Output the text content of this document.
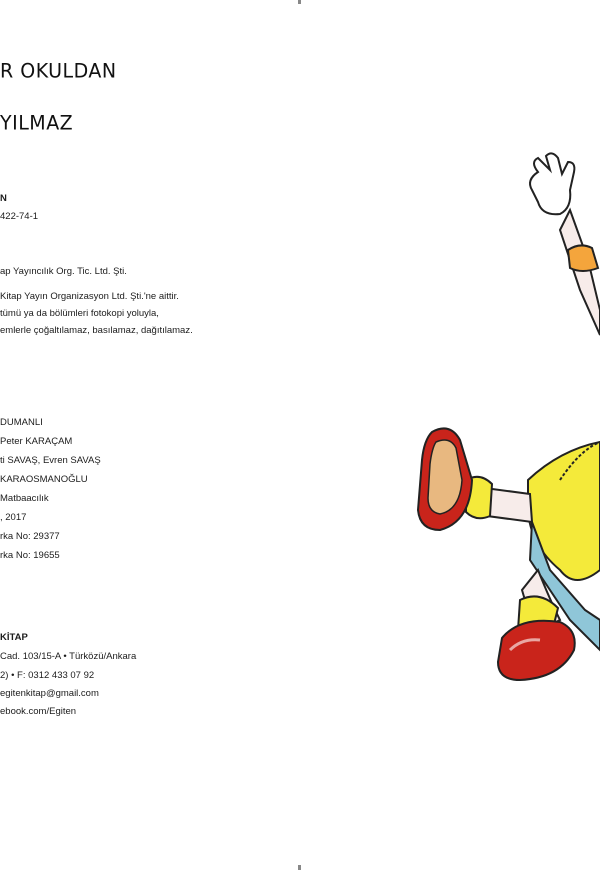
R OKULDAN
YILMAZ
N
422-74-1
ap Yayıncılık Org. Tic. Ltd. Şti.
Kitap Yayın Organizasyon Ltd. Şti.'ne aittir.
tümü ya da bölümleri fotokopi yoluyla,
emlerle çoğaltılamaz, basılamaz, dağıtılamaz.
DUMANLI
Peter KARAÇAM
ti SAVAŞ, Evren SAVAŞ
KARAOSMANOĞLU
Matbaacılık
, 2017
rka No: 29377
rka No: 19655
KİTAP
Cad. 103/15-A • Türközü/Ankara
2) • F: 0312 433 07 92
egitenkitap@gmail.com
ebook.com/Egiten
